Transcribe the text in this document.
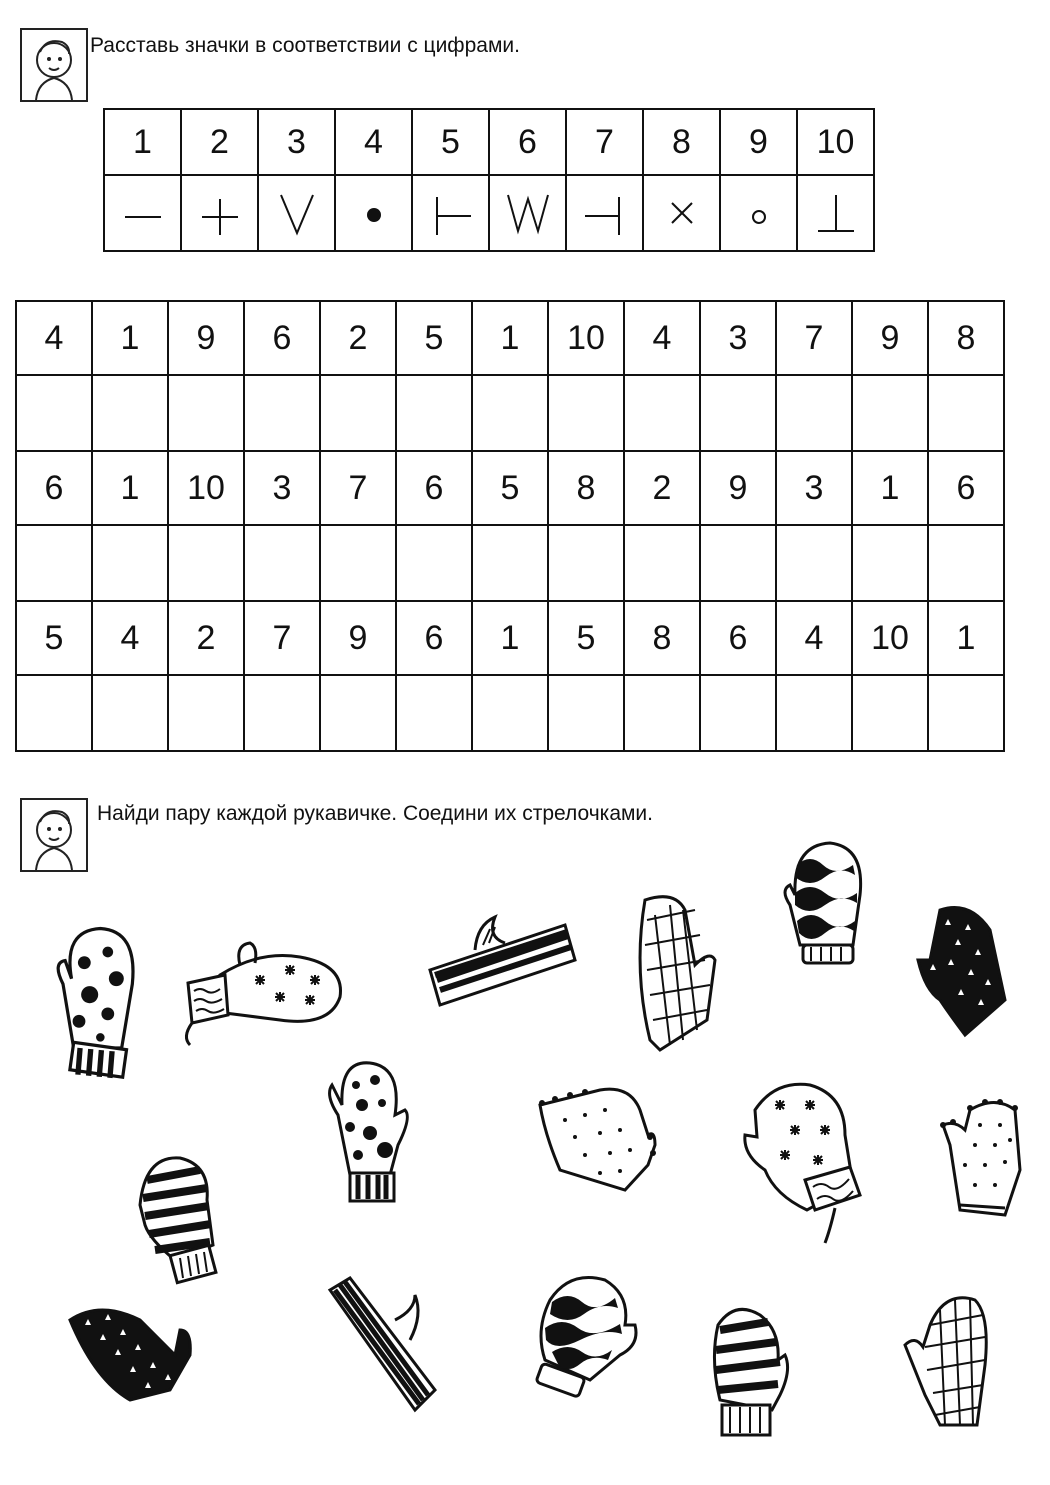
Расставь значки в соответствии с цифрами.
1	2	3	4	5	6	7	8	9	10

4	1	9	6	2	5	1	10	4	3	7	9	8

6	1	10	3	7	6	5	8	2	9	3	1	6

5	4	2	7	9	6	1	5	8	6	4	10	1

Найди пару каждой рукавичке. Соедини их стрелочками.
